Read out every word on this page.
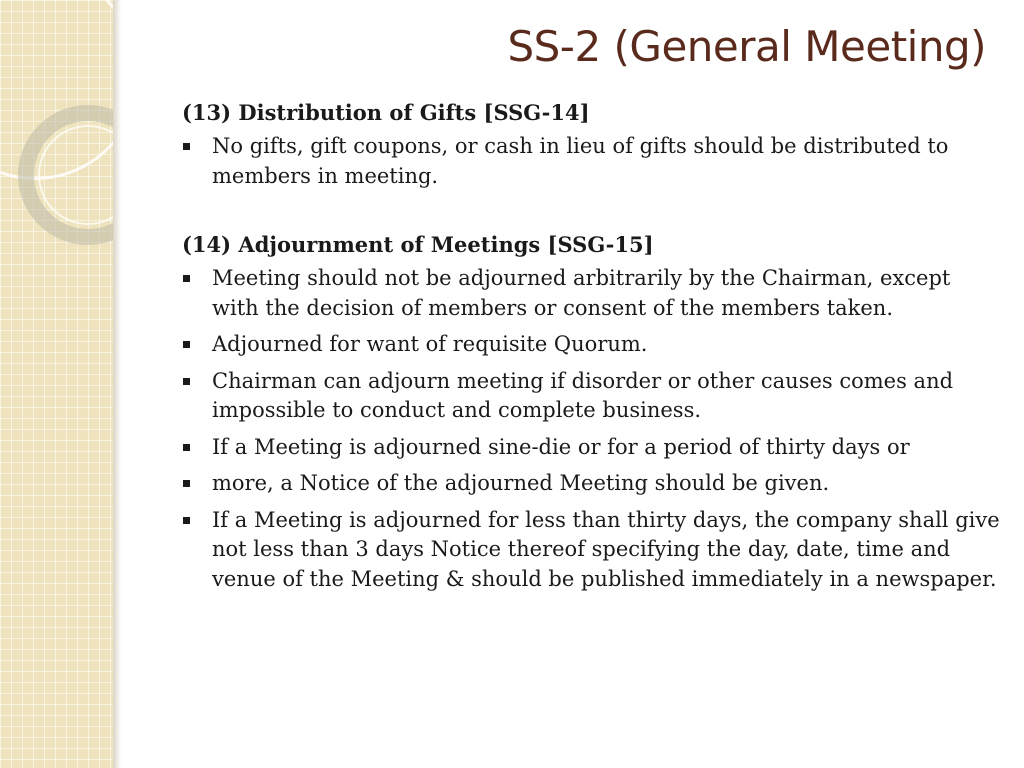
SS-2 (General Meeting)
(13) Distribution of Gifts [SSG-14]
No gifts, gift coupons, or cash in lieu of gifts should be distributed to members in meeting.
(14) Adjournment of Meetings [SSG-15]
Meeting should not be adjourned arbitrarily by the Chairman, except with the decision of members or consent of the members taken.
Adjourned for want of requisite Quorum.
Chairman can adjourn meeting if disorder or other causes comes and impossible to conduct and complete business.
If a Meeting is adjourned sine-die or for a period of thirty days or
more, a Notice of the adjourned Meeting should be given.
If a Meeting is adjourned for less than thirty days, the company shall give not less than 3 days Notice thereof specifying the day, date, time and venue of the Meeting & should be published immediately in a newspaper.
